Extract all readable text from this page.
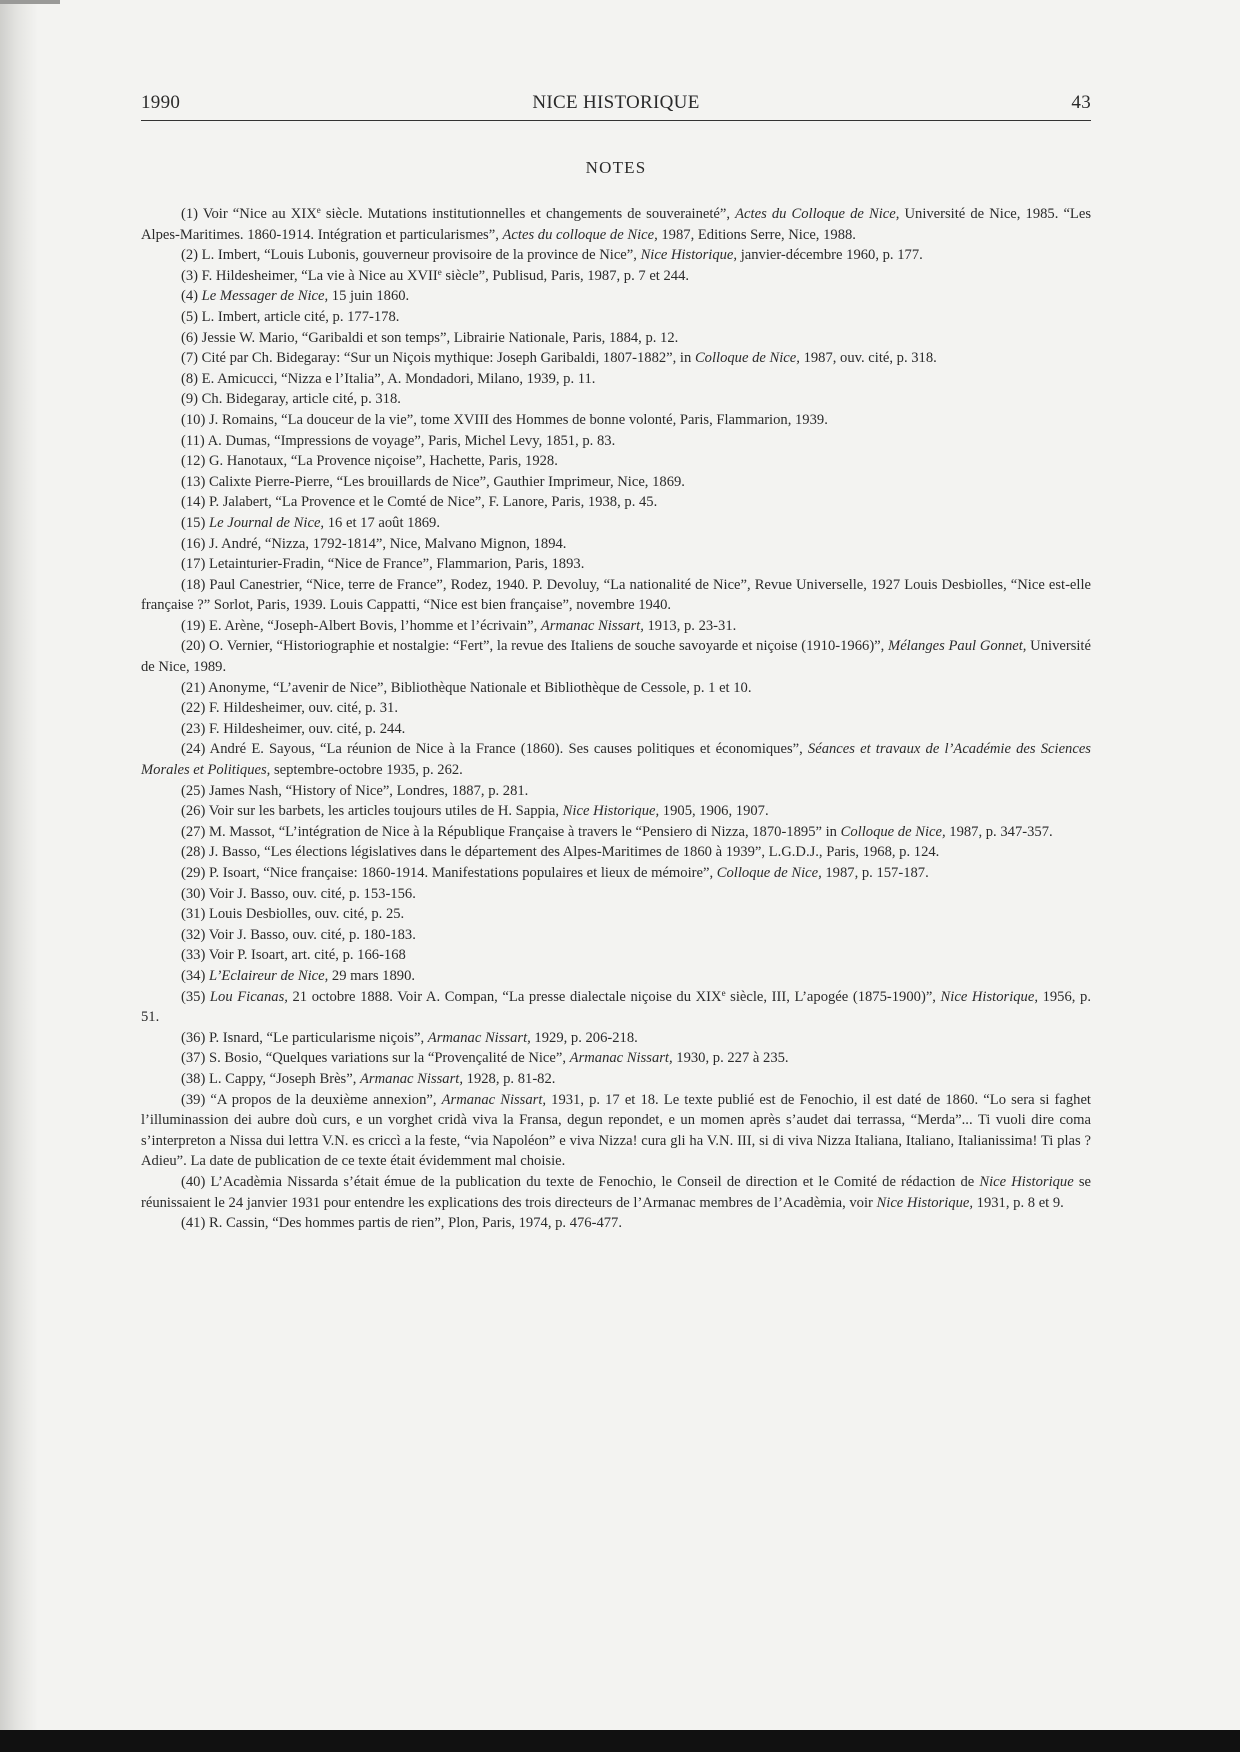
1990	NICE HISTORIQUE	43
NOTES

(1) Voir “Nice au XIXe siècle. Mutations institutionnelles et changements de souveraineté”, Actes du Colloque de Nice, Université de Nice, 1985. “Les Alpes-Maritimes. 1860-1914. Intégration et particularismes”, Actes du colloque de Nice, 1987, Editions Serre, Nice, 1988.

(2) L. Imbert, “Louis Lubonis, gouverneur provisoire de la province de Nice”, Nice Historique, janvier-décembre 1960, p. 177.

(3) F. Hildesheimer, “La vie à Nice au XVIIe siècle”, Publisud, Paris, 1987, p. 7 et 244.

(4) Le Messager de Nice, 15 juin 1860.

(5) L. Imbert, article cité, p. 177-178.

(6) Jessie W. Mario, “Garibaldi et son temps”, Librairie Nationale, Paris, 1884, p. 12.

(7) Cité par Ch. Bidegaray: “Sur un Niçois mythique: Joseph Garibaldi, 1807-1882”, in Colloque de Nice, 1987, ouv. cité, p. 318.

(8) E. Amicucci, “Nizza e l’Italia”, A. Mondadori, Milano, 1939, p. 11.

(9) Ch. Bidegaray, article cité, p. 318.

(10) J. Romains, “La douceur de la vie”, tome XVIII des Hommes de bonne volonté, Paris, Flammarion, 1939.

(11) A. Dumas, “Impressions de voyage”, Paris, Michel Levy, 1851, p. 83.

(12) G. Hanotaux, “La Provence niçoise”, Hachette, Paris, 1928.

(13) Calixte Pierre-Pierre, “Les brouillards de Nice”, Gauthier Imprimeur, Nice, 1869.

(14) P. Jalabert, “La Provence et le Comté de Nice”, F. Lanore, Paris, 1938, p. 45.

(15) Le Journal de Nice, 16 et 17 août 1869.

(16) J. André, “Nizza, 1792-1814”, Nice, Malvano Mignon, 1894.

(17) Letainturier-Fradin, “Nice de France”, Flammarion, Paris, 1893.

(18) Paul Canestrier, “Nice, terre de France”, Rodez, 1940. P. Devoluy, “La nationalité de Nice”, Revue Universelle, 1927 Louis Desbiolles, “Nice est-elle française ?” Sorlot, Paris, 1939. Louis Cappatti, “Nice est bien française”, novembre 1940.

(19) E. Arène, “Joseph-Albert Bovis, l’homme et l’écrivain”, Armanac Nissart, 1913, p. 23-31.

(20) O. Vernier, “Historiographie et nostalgie: “Fert”, la revue des Italiens de souche savoyarde et niçoise (1910-1966)”, Mélanges Paul Gonnet, Université de Nice, 1989.

(21) Anonyme, “L’avenir de Nice”, Bibliothèque Nationale et Bibliothèque de Cessole, p. 1 et 10.

(22) F. Hildesheimer, ouv. cité, p. 31.

(23) F. Hildesheimer, ouv. cité, p. 244.

(24) André E. Sayous, “La réunion de Nice à la France (1860). Ses causes politiques et économiques”, Séances et travaux de l’Académie des Sciences Morales et Politiques, septembre-octobre 1935, p. 262.

(25) James Nash, “History of Nice”, Londres, 1887, p. 281.

(26) Voir sur les barbets, les articles toujours utiles de H. Sappia, Nice Historique, 1905, 1906, 1907.

(27) M. Massot, “L’intégration de Nice à la République Française à travers le “Pensiero di Nizza, 1870-1895” in Colloque de Nice, 1987, p. 347-357.

(28) J. Basso, “Les élections législatives dans le département des Alpes-Maritimes de 1860 à 1939”, L.G.D.J., Paris, 1968, p. 124.

(29) P. Isoart, “Nice française: 1860-1914. Manifestations populaires et lieux de mémoire”, Colloque de Nice, 1987, p. 157-187.

(30) Voir J. Basso, ouv. cité, p. 153-156.

(31) Louis Desbiolles, ouv. cité, p. 25.

(32) Voir J. Basso, ouv. cité, p. 180-183.

(33) Voir P. Isoart, art. cité, p. 166-168

(34) L’Eclaireur de Nice, 29 mars 1890.

(35) Lou Ficanas, 21 octobre 1888. Voir A. Compan, “La presse dialectale niçoise du XIXe siècle, III, L’apogée (1875-1900)”, Nice Historique, 1956, p. 51.

(36) P. Isnard, “Le particularisme niçois”, Armanac Nissart, 1929, p. 206-218.

(37) S. Bosio, “Quelques variations sur la “Provençalité de Nice”, Armanac Nissart, 1930, p. 227 à 235.

(38) L. Cappy, “Joseph Brès”, Armanac Nissart, 1928, p. 81-82.

(39) “A propos de la deuxième annexion”, Armanac Nissart, 1931, p. 17 et 18. Le texte publié est de Fenochio, il est daté de 1860. “Lo sera si faghet l’illuminassion dei aubre doù curs, e un vorghet cridà viva la Fransa, degun repondet, e un momen après s’audet dai terrassa, “Merda”... Ti vuoli dire coma s’interpreton a Nissa dui lettra V.N. es criccì a la feste, “via Napoléon” e viva Nizza! cura gli ha V.N. III, si di viva Nizza Italiana, Italiano, Italianissima! Ti plas ? Adieu”. La date de publication de ce texte était évidemment mal choisie.

(40) L’Acadèmia Nissarda s’était émue de la publication du texte de Fenochio, le Conseil de direction et le Comité de rédaction de Nice Historique se réunissaient le 24 janvier 1931 pour entendre les explications des trois directeurs de l’Armanac membres de l’Acadèmia, voir Nice Historique, 1931, p. 8 et 9.

(41) R. Cassin, “Des hommes partis de rien”, Plon, Paris, 1974, p. 476-477.
